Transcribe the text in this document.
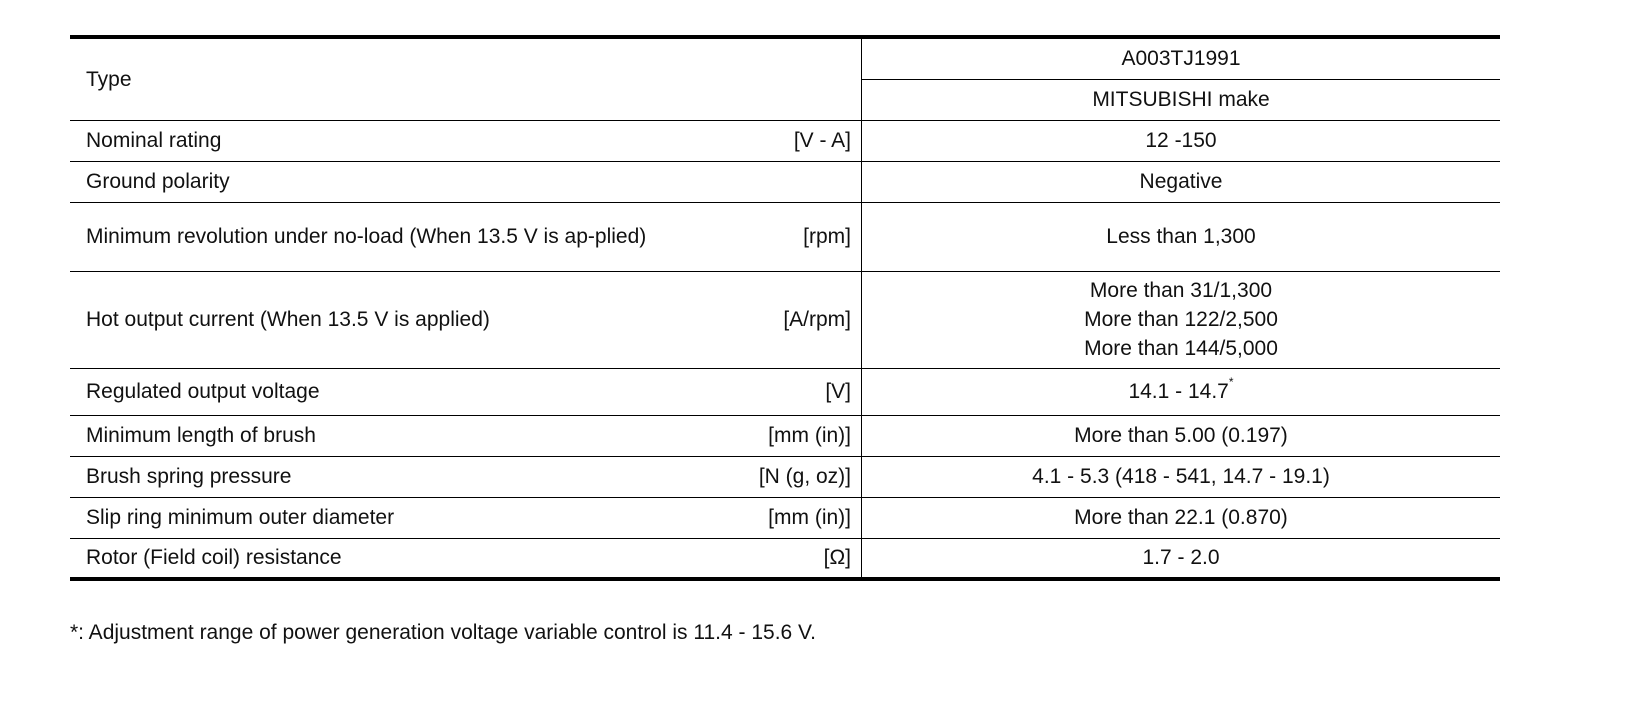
Type	A003TJ1991
	MITSUBISHI make

Nominal rating [V - A]	12 -150

Ground polarity	Negative

Minimum revolution under no-load (When 13.5 V is ap-plied) [rpm]	Less than 1,300

Hot output current (When 13.5 V is applied) [A/rpm]	More than 31/1,300
More than 122/2,500
More than 144/5,000

Regulated output voltage [V]	14.1 - 14.7*

Minimum length of brush [mm (in)]	More than 5.00 (0.197)

Brush spring pressure [N (g, oz)]	4.1 - 5.3 (418 - 541, 14.7 - 19.1)

Slip ring minimum outer diameter [mm (in)]	More than 22.1 (0.870)

Rotor (Field coil) resistance [Ω]	1.7 - 2.0
*: Adjustment range of power generation voltage variable control is 11.4 - 15.6 V.
